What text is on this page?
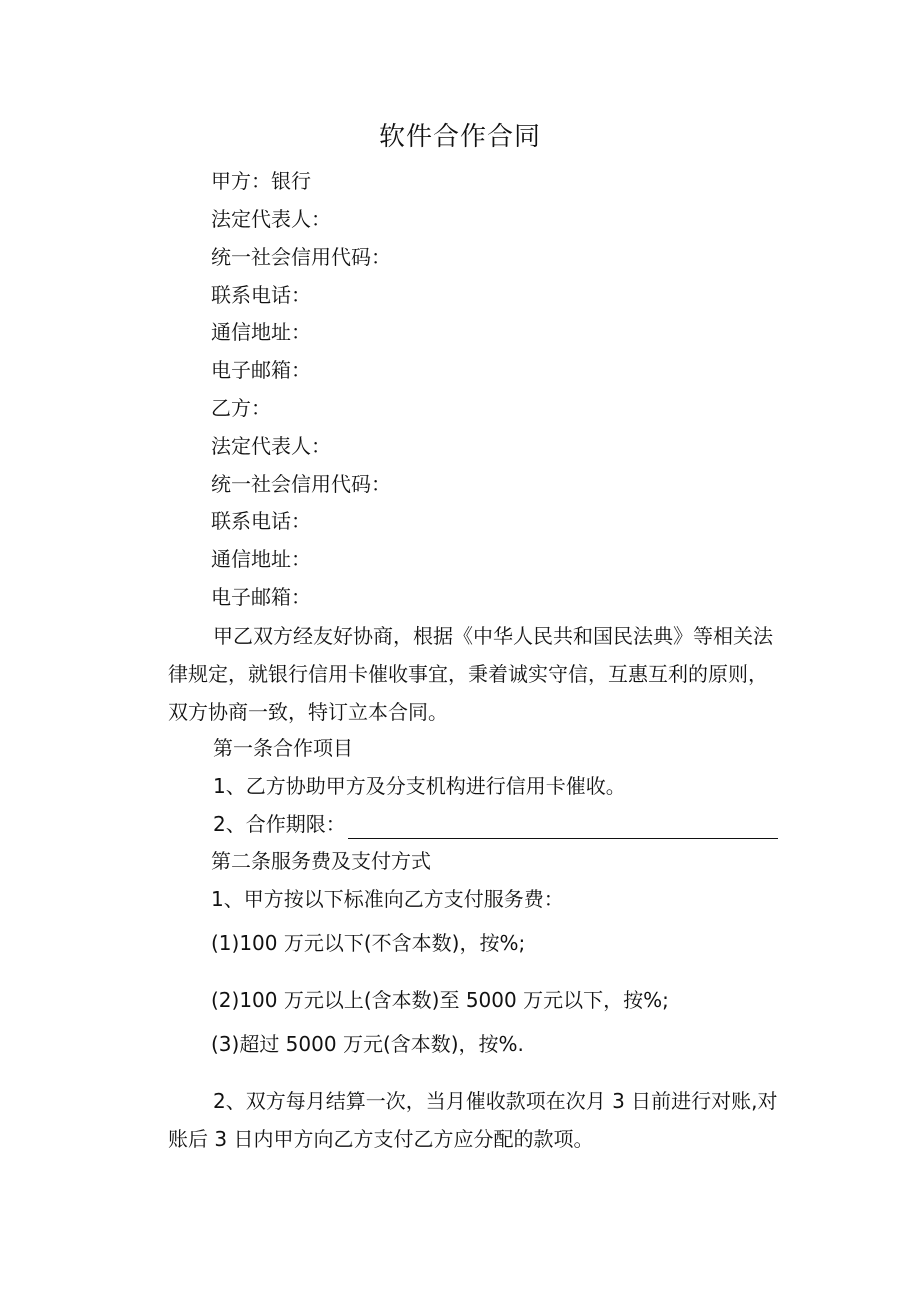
软件合作合同
甲方：银行
法定代表人：
统一社会信用代码：
联系电话：
通信地址：
电子邮箱：
乙方：
法定代表人：
统一社会信用代码：
联系电话：
通信地址：
电子邮箱：
甲乙双方经友好协商，根据《中华人民共和国民法典》等相关法
律规定，就银行信用卡催收事宜，秉着诚实守信，互惠互利的原则，
双方协商一致，特订立本合同。
第一条合作项目
1、乙方协助甲方及分支机构进行信用卡催收。
2、合作期限：
第二条服务费及支付方式
1、甲方按以下标准向乙方支付服务费：
(1)100 万元以下(不含本数)，按%;
(2)100 万元以上(含本数)至 5000 万元以下，按%;
(3)超过 5000 万元(含本数)，按%.
2、双方每月结算一次，当月催收款项在次月 3 日前进行对账,对
账后 3 日内甲方向乙方支付乙方应分配的款项。
